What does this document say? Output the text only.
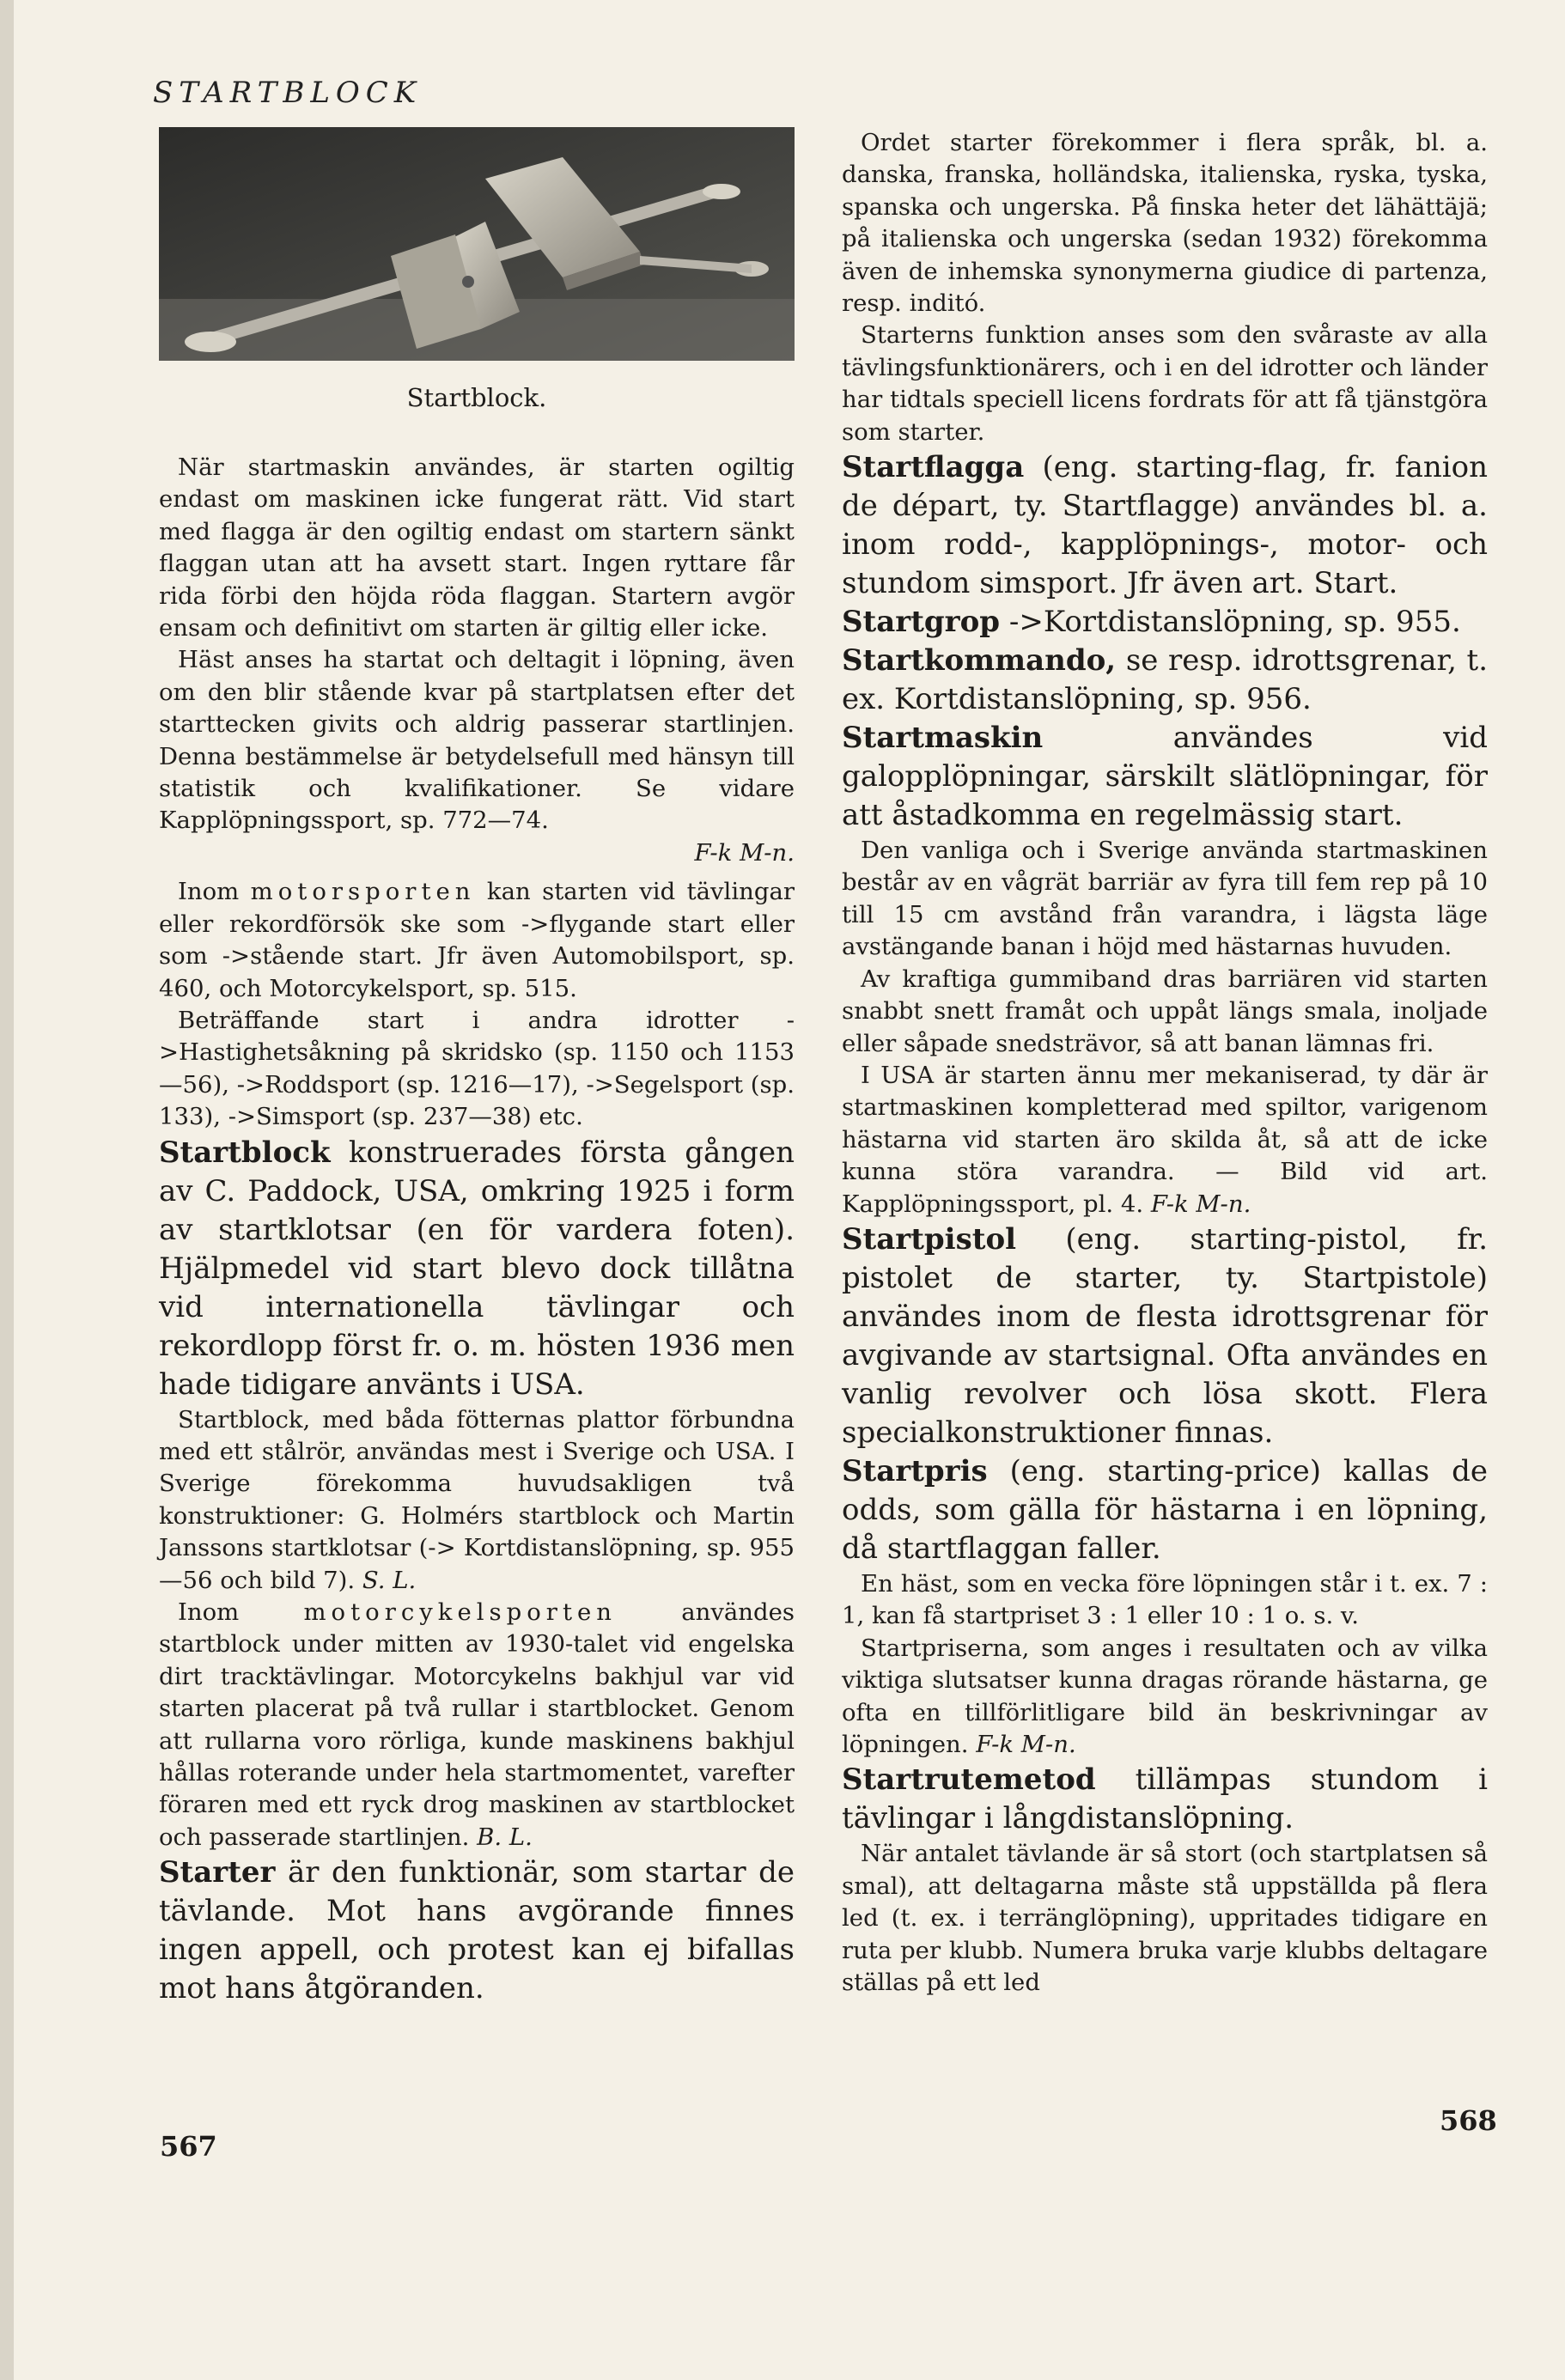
STARTBLOCK
Startblock.

När startmaskin användes, är starten ogiltig endast om maskinen icke fungerat rätt. Vid start med flagga är den ogiltig endast om startern sänkt flaggan utan att ha avsett start. Ingen ryttare får rida förbi den höjda röda flaggan. Startern avgör ensam och definitivt om starten är giltig eller icke.

Häst anses ha startat och deltagit i löpning, även om den blir stående kvar på startplatsen efter det starttecken givits och aldrig passerar startlinjen. Denna bestämmelse är betydelsefull med hänsyn till statistik och kvalifikationer. Se vidare Kapplöpningssport, sp. 772—74.

F-k M-n.

Inom motorsporten kan starten vid tävlingar eller rekordförsök ske som ->flygande start eller som ->stående start. Jfr även Automobilsport, sp. 460, och Motorcykelsport, sp. 515.

Beträffande start i andra idrotter ->Hastighetsåkning på skridsko (sp. 1150 och 1153—56), ->Roddsport (sp. 1216—17), ->Segelsport (sp. 133), ->Simsport (sp. 237—38) etc.

Startblock konstruerades första gången av C. Paddock, USA, omkring 1925 i form av startklotsar (en för vardera foten). Hjälpmedel vid start blevo dock tillåtna vid internationella tävlingar och rekordlopp först fr. o. m. hösten 1936 men hade tidigare använts i USA.

Startblock, med båda fötternas plattor förbundna med ett stålrör, användas mest i Sverige och USA. I Sverige förekomma huvudsakligen två konstruktioner: G. Holmérs startblock och Martin Janssons startklotsar (-> Kortdistanslöpning, sp. 955—56 och bild 7). S. L.

Inom	motorcykelsporten	användes startblock under mitten av 1930-talet vid engelska dirt tracktävlingar. Motorcykelns bakhjul var vid starten placerat på två rullar i startblocket. Genom att rullarna voro rörliga, kunde maskinens bakhjul hållas roterande under hela startmomentet, varefter föraren med ett ryck drog maskinen av startblocket och passerade startlinjen. B. L.

Starter är den funktionär, som startar de tävlande. Mot hans avgörande finnes ingen appell, och protest kan ej bifallas mot hans åtgöranden.

Ordet starter förekommer i flera språk, bl. a. danska, franska, holländska, italienska, ryska, tyska, spanska och ungerska. På finska heter det lähättäjä; på italienska och ungerska (sedan 1932) förekomma även de inhemska synonymerna giudice di partenza, resp. inditó.

Starterns funktion anses som den svåraste av alla tävlingsfunktionärers, och i en del idrotter och länder har tidtals speciell licens fordrats för att få tjänstgöra som starter.

Startflagga (eng. starting-flag, fr. fanion de départ, ty. Startflagge) användes bl. a. inom rodd-, kapplöpnings-, motor- och stundom simsport. Jfr även art. Start.

Startgrop ->Kortdistanslöpning, sp. 955.

Startkommando, se resp. idrottsgrenar, t. ex. Kortdistanslöpning, sp. 956.

Startmaskin	användes vid galopplöpningar, särskilt slätlöpningar, för att åstadkomma en regelmässig start.

Den vanliga och i Sverige använda startmaskinen består av en vågrät barriär av fyra till fem rep på 10 till 15 cm avstånd från varandra, i lägsta läge avstängande banan i höjd med hästarnas huvuden.

Av kraftiga gummiband dras barriären vid starten snabbt snett framåt och uppåt längs smala, inoljade eller såpade snedsträvor, så att banan lämnas fri.

I USA är starten ännu mer mekaniserad, ty där är startmaskinen kompletterad med spiltor, varigenom hästarna vid starten äro skilda åt, så att de icke kunna störa varandra. — Bild vid art. Kapplöpningssport, pl. 4. F-k M-n.

Startpistol (eng. starting-pistol, fr. pistolet de starter, ty. Startpistole) användes inom de flesta idrottsgrenar för avgivande av startsignal. Ofta användes en vanlig revolver och lösa skott. Flera specialkonstruktioner finnas.

Startpris (eng. starting-price) kallas de odds, som gälla för hästarna i en löpning, då startflaggan faller.

En häst, som en vecka före löpningen står i t. ex. 7 : 1, kan få startpriset 3 : 1 eller 10 : 1 o. s. v.

Startpriserna, som anges i resultaten och av vilka viktiga slutsatser kunna dragas rörande hästarna, ge ofta en tillförlitligare bild än beskrivningar av löpningen. F-k M-n.

Startrutemetod tillämpas stundom i tävlingar i långdistanslöpning.

När antalet tävlande är så stort (och startplatsen så smal), att deltagarna måste stå uppställda på flera led (t. ex. i terränglöpning), uppritades tidigare en ruta per klubb. Numera bruka varje klubbs deltagare ställas på ett led

567
568
